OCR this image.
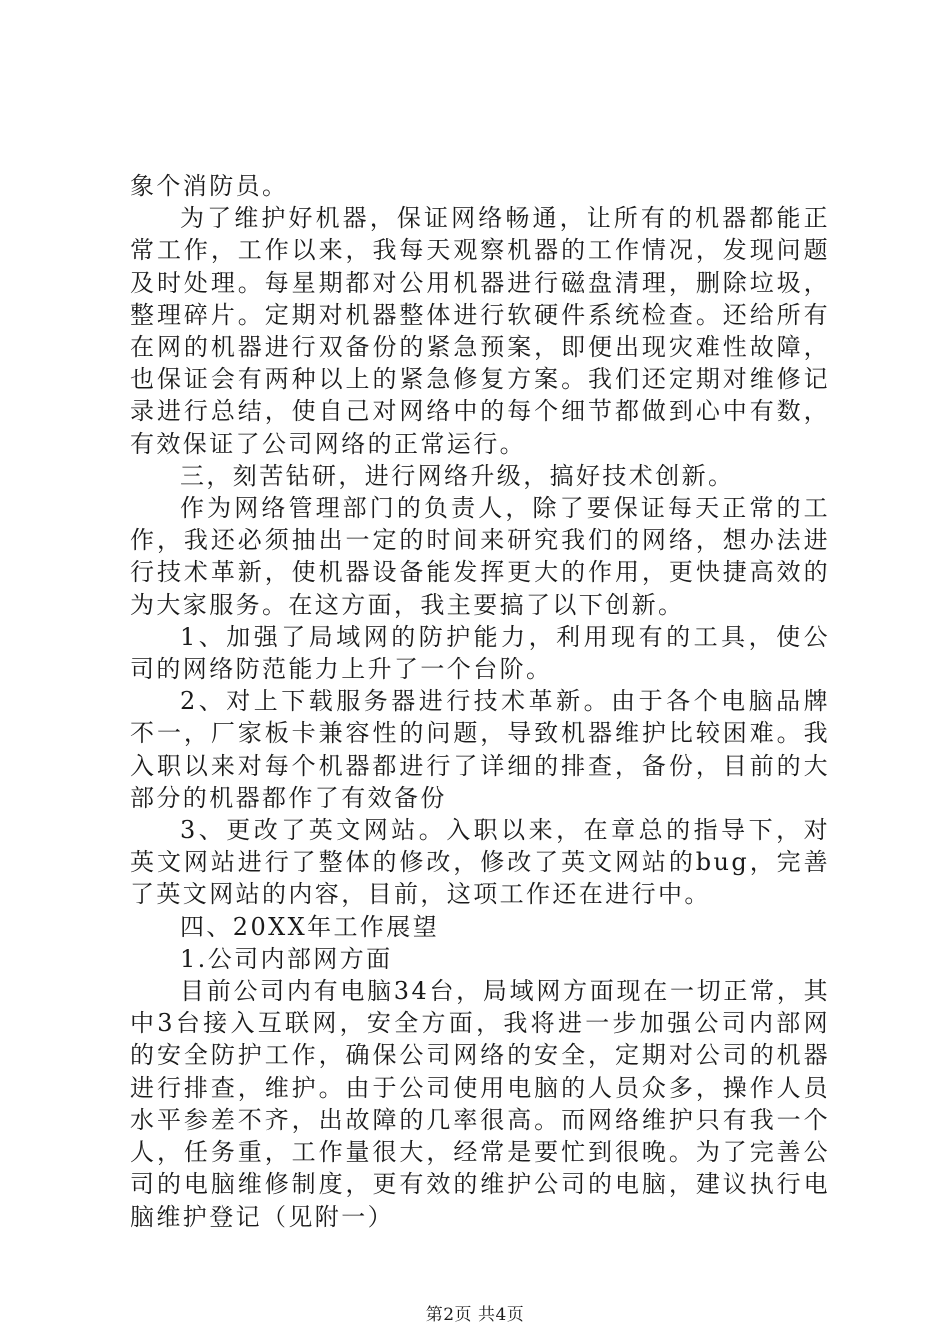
象个消防员。

为了维护好机器，保证网络畅通，让所有的机器都能正常工作，工作以来，我每天观察机器的工作情况，发现问题及时处理。每星期都对公用机器进行磁盘清理，删除垃圾，整理碎片。定期对机器整体进行软硬件系统检查。还给所有在网的机器进行双备份的紧急预案，即便出现灾难性故障，也保证会有两种以上的紧急修复方案。我们还定期对维修记录进行总结，使自己对网络中的每个细节都做到心中有数，有效保证了公司网络的正常运行。

三，刻苦钻研，进行网络升级，搞好技术创新。

作为网络管理部门的负责人，除了要保证每天正常的工作，我还必须抽出一定的时间来研究我们的网络，想办法进行技术革新，使机器设备能发挥更大的作用，更快捷高效的为大家服务。在这方面，我主要搞了以下创新。

1、加强了局域网的防护能力，利用现有的工具，使公司的网络防范能力上升了一个台阶。

2、对上下载服务器进行技术革新。由于各个电脑品牌不一，厂家板卡兼容性的问题，导致机器维护比较困难。我入职以来对每个机器都进行了详细的排查，备份，目前的大部分的机器都作了有效备份

3、更改了英文网站。入职以来，在章总的指导下，对英文网站进行了整体的修改，修改了英文网站的bug，完善了英文网站的内容，目前，这项工作还在进行中。

四、20XX年工作展望

1.公司内部网方面

目前公司内有电脑34台，局域网方面现在一切正常，其中3台接入互联网，安全方面，我将进一步加强公司内部网的安全防护工作，确保公司网络的安全，定期对公司的机器进行排查，维护。由于公司使用电脑的人员众多，操作人员水平参差不齐，出故障的几率很高。而网络维护只有我一个人，任务重，工作量很大，经常是要忙到很晚。为了完善公司的电脑维修制度，更有效的维护公司的电脑，建议执行电脑维护登记（见附一）

第2页 共4页
